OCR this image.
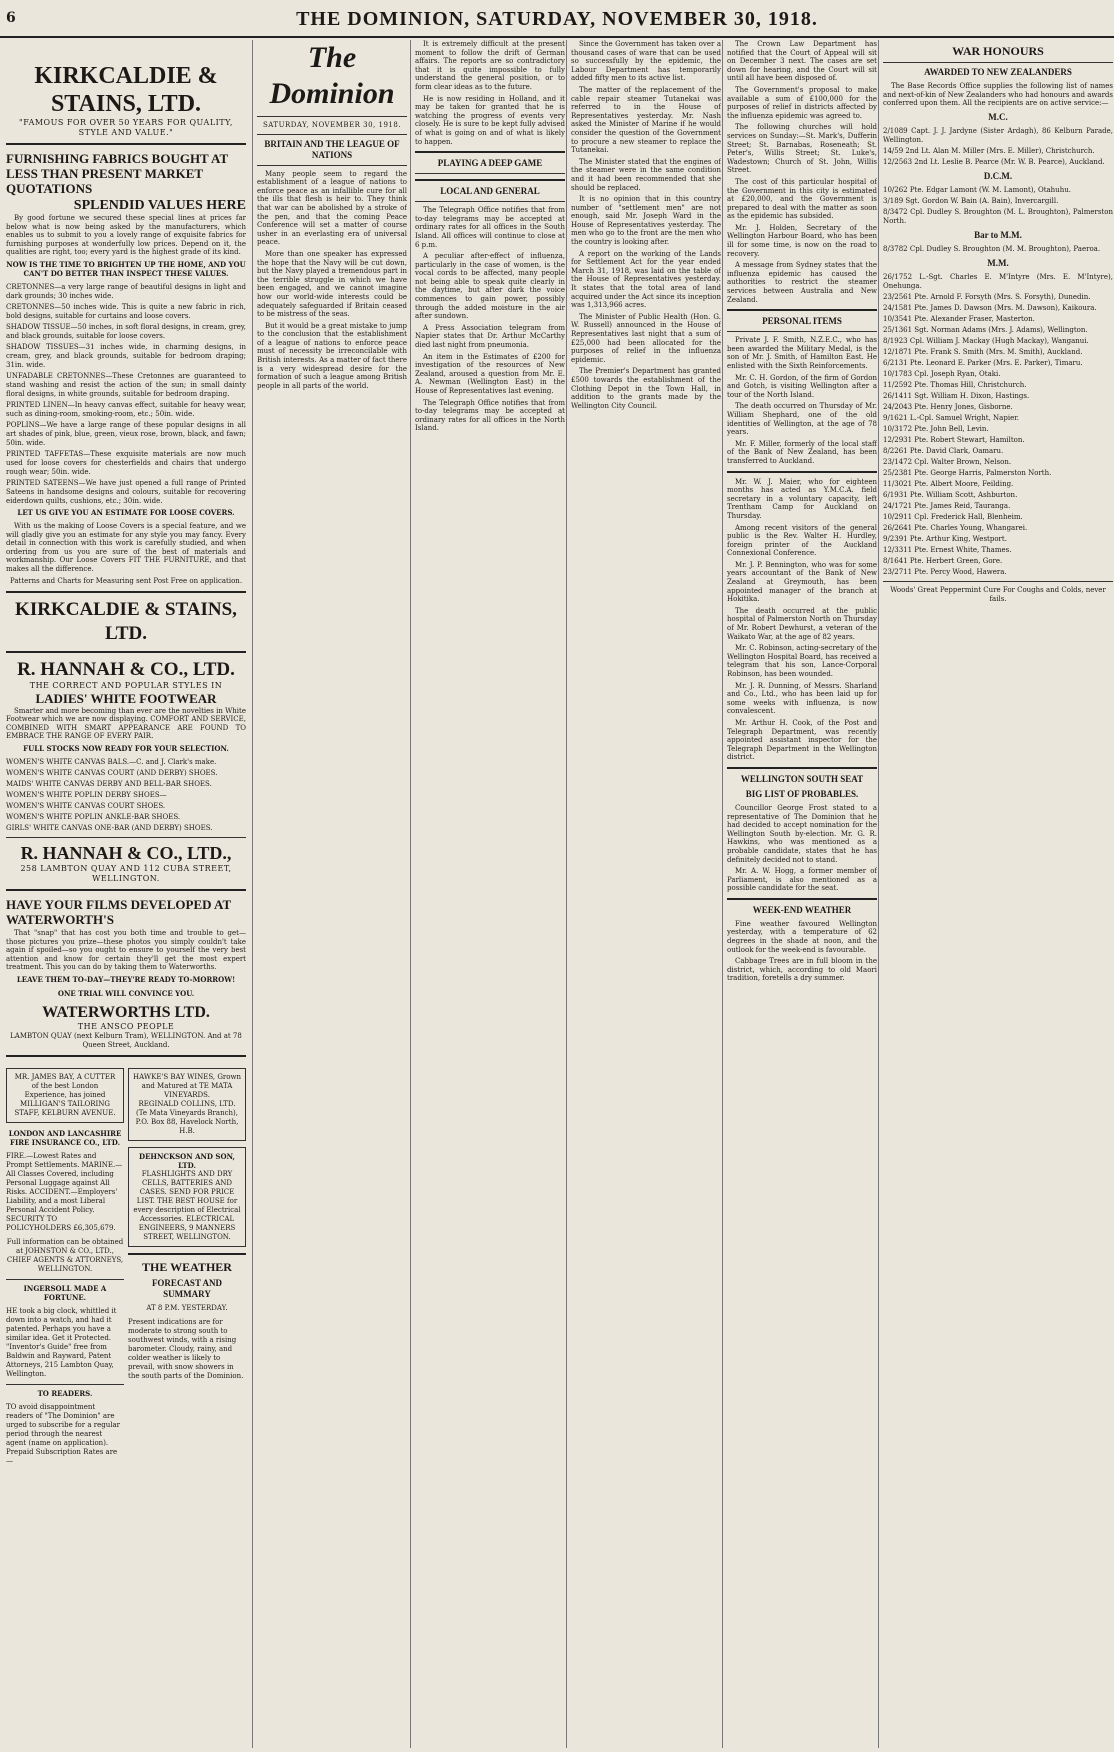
6	THE DOMINION, SATURDAY, NOVEMBER 30, 1918.
KIRKCALDIE & STAINS, LTD.
"FAMOUS FOR OVER 50 YEARS FOR QUALITY, STYLE AND VALUE."
FURNISHING FABRICS BOUGHT AT LESS THAN PRESENT MARKET QUOTATIONS
SPLENDID VALUES HERE

By good fortune we secured these special lines at prices far below what is now being asked by the manufacturers, which enables us to submit to you a lovely range of exquisite fabrics for furnishing purposes at wonderfully low prices. Depend on it, the qualities are right, too; every yard is the highest grade of its kind.

NOW IS THE TIME TO BRIGHTEN UP THE HOME, AND YOU CAN'T DO BETTER THAN INSPECT THESE VALUES.
CRETONNES—a very large range of beautiful designs in light and dark grounds; 30 inches wide.
CRETONNES—50 inches wide. This is quite a new fabric in rich, bold designs, suitable for curtains and loose covers.
SHADOW TISSUE—50 inches, in soft floral designs, in cream, grey, and black grounds, suitable for loose covers.
SHADOW TISSUES—31 inches wide, in charming designs, in cream, grey, and black grounds, suitable for bedroom draping; 31in. wide.
UNFADABLE CRETONNES—These Cretonnes are guaranteed to stand washing and resist the action of the sun; in small dainty floral designs, in white grounds, suitable for bedroom draping.
PRINTED LINEN—In heavy canvas effect, suitable for heavy wear, such as dining-room, smoking-room, etc.; 50in. wide.
POPLINS—We have a large range of these popular designs in all art shades of pink, blue, green, vieux rose, brown, black, and fawn; 50in. wide.
PRINTED TAFFETAS—These exquisite materials are now much used for loose covers for chesterfields and chairs that undergo rough wear; 50in. wide.
PRINTED SATEENS—We have just opened a full range of Printed Sateens in handsome designs and colours, suitable for recovering eiderdown quilts, cushions, etc.; 30in. wide.
LET US GIVE YOU AN ESTIMATE FOR LOOSE COVERS.

With us the making of Loose Covers is a special feature, and we will gladly give you an estimate for any style you may fancy. Every detail in connection with this work is carefully studied, and when ordering from us you are sure of the best of materials and workmanship. Our Loose Covers FIT THE FURNITURE, and that makes all the difference.

Patterns and Charts for Measuring sent Post Free on application.
KIRKCALDIE & STAINS, LTD.
R. HANNAH & CO., LTD.
THE CORRECT AND POPULAR STYLES IN
LADIES' WHITE FOOTWEAR

Smarter and more becoming than ever are the novelties in White Footwear which we are now displaying. COMFORT AND SERVICE, COMBINED WITH SMART APPEARANCE ARE FOUND TO EMBRACE THE RANGE OF EVERY PAIR.

FULL STOCKS NOW READY FOR YOUR SELECTION.
WOMEN'S WHITE CANVAS BALS.—C. and J. Clark's make.
WOMEN'S WHITE CANVAS COURT (AND DERBY) SHOES.
MAIDS' WHITE CANVAS DERBY AND BELL-BAR SHOES.
WOMEN'S WHITE POPLIN DERBY SHOES—
WOMEN'S WHITE CANVAS COURT SHOES.
WOMEN'S WHITE POPLIN ANKLE-BAR SHOES.
GIRLS' WHITE CANVAS ONE-BAR (AND DERBY) SHOES.
R. HANNAH & CO., LTD.,
258 LAMBTON QUAY AND 112 CUBA STREET, WELLINGTON.
HAVE YOUR FILMS DEVELOPED AT WATERWORTH'S

That "snap" that has cost you both time and trouble to get—those pictures you prize—these photos you simply couldn't take again if spoiled—so you ought to ensure to yourself the very best attention and know for certain they'll get the most expert treatment. This you can do by taking them to Waterworths.

LEAVE THEM TO-DAY—THEY'RE READY TO-MORROW!
ONE TRIAL WILL CONVINCE YOU.
WATERWORTHS LTD.
THE ANSCO PEOPLE
LAMBTON QUAY (next Kelburn Tram), WELLINGTON. And at 78 Queen Street, Auckland.
MR. JAMES BAY, A CUTTER of the best London Experience, has joined MILLIGAN'S TAILORING STAFF, KELBURN AVENUE.
LONDON AND LANCASHIRE FIRE INSURANCE CO., LTD.
FIRE.—Lowest Rates and Prompt Settlements. MARINE.—All Classes Covered, including Personal Luggage against All Risks. ACCIDENT.—Employers' Liability, and a most Liberal Personal Accident Policy. SECURITY TO POLICYHOLDERS £6,305,679.
Full information can be obtained at JOHNSTON & CO., LTD., CHIEF AGENTS & ATTORNEYS, WELLINGTON.
INGERSOLL MADE A FORTUNE.
HE took a big clock, whittled it down into a watch, and had it patented. Perhaps you have a similar idea. Get it Protected. "Inventor's Guide" free from Baldwin and Rayward, Patent Attorneys, 215 Lambton Quay, Wellington.
TO READERS.
TO avoid disappointment readers of "The Dominion" are urged to subscribe for a regular period through the nearest agent (name on application). Prepaid Subscription Rates are—
HAWKE'S BAY WINES, Grown and Matured at TE MATA VINEYARDS.
REGINALD COLLINS, LTD. (Te Mata Vineyards Branch), P.O. Box 88, Havelock North, H.B.
DEHNCKSON AND SON, LTD.
FLASHLIGHTS AND DRY CELLS, BATTERIES AND CASES. SEND FOR PRICE LIST. THE BEST HOUSE for every description of Electrical Accessories. ELECTRICAL ENGINEERS, 9 MANNERS STREET, WELLINGTON.
THE WEATHER
FORECAST AND SUMMARY
AT 8 P.M. YESTERDAY.
Present indications are for moderate to strong south to southwest winds, with a rising barometer. Cloudy, rainy, and colder weather is likely to prevail, with snow showers in the south parts of the Dominion.
The Dominion
SATURDAY, NOVEMBER 30, 1918.
BRITAIN AND THE LEAGUE OF NATIONS

Many people seem to regard the establishment of a league of nations to enforce peace as an infallible cure for all the ills that flesh is heir to. They think that war can be abolished by a stroke of the pen, and that the coming Peace Conference will set a matter of course usher in an everlasting era of universal peace.

More than one speaker has expressed the hope that the Navy will be cut down, but the Navy played a tremendous part in the terrible struggle in which we have been engaged, and we cannot imagine how our world-wide interests could be adequately safeguarded if Britain ceased to be mistress of the seas.

But it would be a great mistake to jump to the conclusion that the establishment of a league of nations to enforce peace must of necessity be irreconcilable with British interests. As a matter of fact there is a very widespread desire for the formation of such a league among British people in all parts of the world.

It is extremely difficult at the present moment to follow the drift of German affairs. The reports are so contradictory that it is quite impossible to fully understand the general position, or to form clear ideas as to the future.

He is now residing in Holland, and it may be taken for granted that he is watching the progress of events very closely. He is sure to be kept fully advised of what is going on and of what is likely to happen.

PLAYING A DEEP GAME
LOCAL AND GENERAL

The Telegraph Office notifies that from to-day telegrams may be accepted at ordinary rates for all offices in the South Island. All offices will continue to close at 6 p.m.

A peculiar after-effect of influenza, particularly in the case of women, is the vocal cords to be affected, many people not being able to speak quite clearly in the daytime, but after dark the voice commences to gain power, possibly through the added moisture in the air after sundown.

A Press Association telegram from Napier states that Dr. Arthur McCarthy died last night from pneumonia.

An item in the Estimates of £200 for investigation of the resources of New Zealand, aroused a question from Mr. E. A. Newman (Wellington East) in the House of Representatives last evening.

The Telegraph Office notifies that from to-day telegrams may be accepted at ordinary rates for all offices in the North Island.

Since the Government has taken over a thousand cases of ware that can be used so successfully by the epidemic, the Labour Department has temporarily added fifty men to its active list.

The matter of the replacement of the cable repair steamer Tutanekai was referred to in the House of Representatives yesterday. Mr. Nash asked the Minister of Marine if he would consider the question of the Government to procure a new steamer to replace the Tutanekai.

The Minister stated that the engines of the steamer were in the same condition and it had been recommended that she should be replaced.

It is no opinion that in this country number of "settlement men" are not enough, said Mr. Joseph Ward in the House of Representatives yesterday. The men who go to the front are the men who the country is looking after.

A report on the working of the Lands for Settlement Act for the year ended March 31, 1918, was laid on the table of the House of Representatives yesterday. It states that the total area of land acquired under the Act since its inception was 1,313,966 acres.

The Minister of Public Health (Hon. G. W. Russell) announced in the House of Representatives last night that a sum of £25,000 had been allocated for the purposes of relief in the influenza epidemic.

The Premier's Department has granted £500 towards the establishment of the Clothing Depot in the Town Hall, in addition to the grants made by the Wellington City Council.

The Crown Law Department has notified that the Court of Appeal will sit on December 3 next. The cases are set down for hearing, and the Court will sit until all have been disposed of.

The Government's proposal to make available a sum of £100,000 for the purposes of relief in districts affected by the influenza epidemic was agreed to.

The following churches will hold services on Sunday:—St. Mark's, Dufferin Street; St. Barnabas, Roseneath; St. Peter's, Willis Street; St. Luke's, Wadestown; Church of St. John, Willis Street.

The cost of this particular hospital of the Government in this city is estimated at £20,000, and the Government is prepared to deal with the matter as soon as the epidemic has subsided.

Mr. J. Holden, Secretary of the Wellington Harbour Board, who has been ill for some time, is now on the road to recovery.

A message from Sydney states that the influenza epidemic has caused the authorities to restrict the steamer services between Australia and New Zealand.

PERSONAL ITEMS

Private J. F. Smith, N.Z.E.C., who has been awarded the Military Medal, is the son of Mr. J. Smith, of Hamilton East. He enlisted with the Sixth Reinforcements.

Mr. C. H. Gordon, of the firm of Gordon and Gotch, is visiting Wellington after a tour of the North Island.

The death occurred on Thursday of Mr. William Shephard, one of the old identities of Wellington, at the age of 78 years.

Mr. F. Miller, formerly of the local staff of the Bank of New Zealand, has been transferred to Auckland.

Mr. W. J. Maier, who for eighteen months has acted as Y.M.C.A. field secretary in a voluntary capacity, left Trentham Camp for Auckland on Thursday.

Among recent visitors of the general public is the Rev. Walter H. Hurdley, foreign printer of the Auckland Connexional Conference.

Mr. J. P. Bennington, who was for some years accountant of the Bank of New Zealand at Greymouth, has been appointed manager of the branch at Hokitika.

The death occurred at the public hospital of Palmerston North on Thursday of Mr. Robert Dewhurst, a veteran of the Waikato War, at the age of 82 years.

Mr. C. Robinson, acting-secretary of the Wellington Hospital Board, has received a telegram that his son, Lance-Corporal Robinson, has been wounded.

Mr. J. R. Dunning, of Messrs. Sharland and Co., Ltd., who has been laid up for some weeks with influenza, is now convalescent.

Mr. Arthur H. Cook, of the Post and Telegraph Department, was recently appointed assistant inspector for the Telegraph Department in the Wellington district.

WELLINGTON SOUTH SEAT
BIG LIST OF PROBABLES.

Councillor George Frost stated to a representative of The Dominion that he had decided to accept nomination for the Wellington South by-election. Mr. G. R. Hawkins, who was mentioned as a probable candidate, states that he has definitely decided not to stand.

Mr. A. W. Hogg, a former member of Parliament, is also mentioned as a possible candidate for the seat.

WEEK-END WEATHER

Fine weather favoured Wellington yesterday, with a temperature of 62 degrees in the shade at noon, and the outlook for the week-end is favourable.

Cabbage Trees are in full bloom in the district, which, according to old Maori tradition, foretells a dry summer.

WAR HONOURS
AWARDED TO NEW ZEALANDERS

The Base Records Office supplies the following list of names and next-of-kin of New Zealanders who had honours and awards conferred upon them. All the recipients are on active service:—

M.C.
2/1089 Capt. J. J. Jardyne (Sister Ardagh), 86 Kelburn Parade, Wellington.
14/59 2nd Lt. Alan M. Miller (Mrs. E. Miller), Christchurch.
12/2563 2nd Lt. Leslie B. Pearce (Mr. W. B. Pearce), Auckland.
D.C.M.
10/262 Pte. Edgar Lamont (W. M. Lamont), Otahuhu.
3/189 Sgt. Gordon W. Bain (A. Bain), Invercargill.
8/3472 Cpl. Dudley S. Broughton (M. L. Broughton), Palmerston North.
Bar to M.M.
8/3782 Cpl. Dudley S. Broughton (M. M. Broughton), Paeroa.
M.M.
26/1752 L.-Sgt. Charles E. M'Intyre (Mrs. E. M'Intyre), Onehunga.
23/2561 Pte. Arnold F. Forsyth (Mrs. S. Forsyth), Dunedin.
24/1581 Pte. James D. Dawson (Mrs. M. Dawson), Kaikoura.
10/3541 Pte. Alexander Fraser, Masterton.
25/1361 Sgt. Norman Adams (Mrs. J. Adams), Wellington.
8/1923 Cpl. William J. Mackay (Hugh Mackay), Wanganui.
12/1871 Pte. Frank S. Smith (Mrs. M. Smith), Auckland.
6/2131 Pte. Leonard E. Parker (Mrs. E. Parker), Timaru.
10/1783 Cpl. Joseph Ryan, Otaki.
11/2592 Pte. Thomas Hill, Christchurch.
26/1411 Sgt. William H. Dixon, Hastings.
24/2043 Pte. Henry Jones, Gisborne.
9/1621 L.-Cpl. Samuel Wright, Napier.
10/3172 Pte. John Bell, Levin.
12/2931 Pte. Robert Stewart, Hamilton.
8/2261 Pte. David Clark, Oamaru.
23/1472 Cpl. Walter Brown, Nelson.
25/2381 Pte. George Harris, Palmerston North.
11/3021 Pte. Albert Moore, Feilding.
6/1931 Pte. William Scott, Ashburton.
24/1721 Pte. James Reid, Tauranga.
10/2911 Cpl. Frederick Hall, Blenheim.
26/2641 Pte. Charles Young, Whangarei.
9/2391 Pte. Arthur King, Westport.
12/3311 Pte. Ernest White, Thames.
8/1641 Pte. Herbert Green, Gore.
23/2711 Pte. Percy Wood, Hawera.
Woods' Great Peppermint Cure For Coughs and Colds, never fails.
